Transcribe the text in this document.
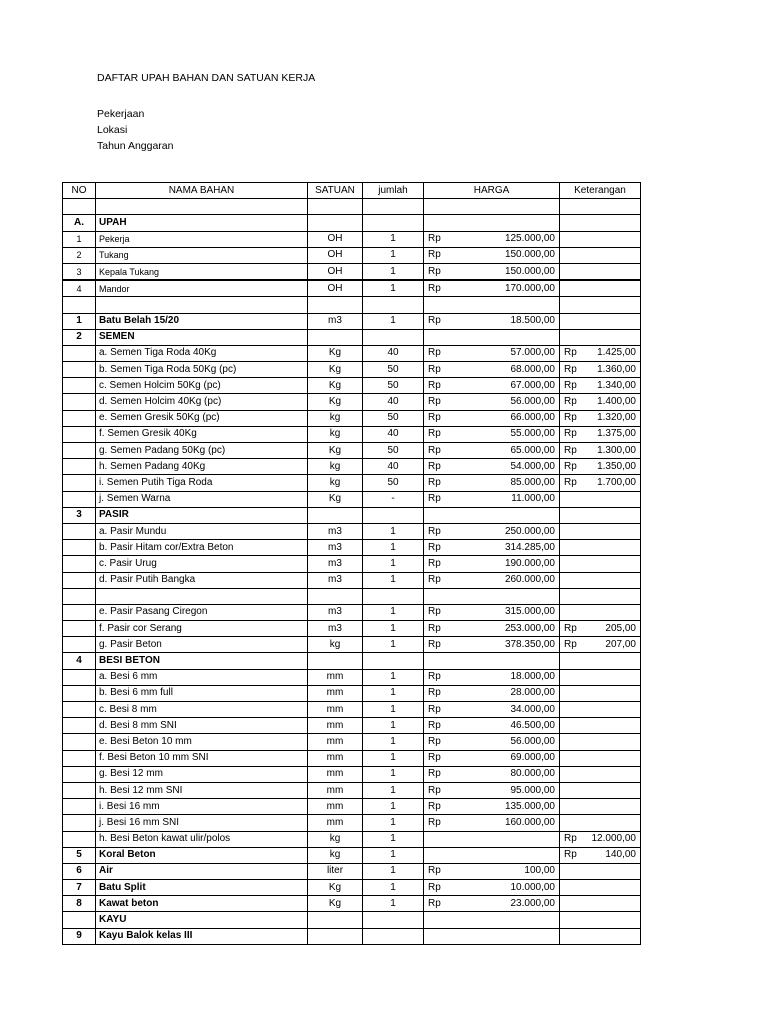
DAFTAR UPAH BAHAN DAN SATUAN KERJA
Pekerjaan
Lokasi
Tahun Anggaran
NO	NAMA BAHAN	SATUAN	jumlah	HARGA	Keterangan

A.	UPAH				
1	Pekerja	OH	1	Rp 125.000,00	

2	Tukang	OH	1	Rp 150.000,00	

3	Kepala Tukang	OH	1	Rp 150.000,00	

4	Mandor	OH	1	Rp 170.000,00	

1	Batu Belah 15/20	m3	1	Rp 18.500,00	

2	SEMEN				
	a. Semen Tiga Roda 40Kg	Kg	40	Rp 57.000,00	Rp 1.425,00

	b. Semen Tiga Roda 50Kg (pc)	Kg	50	Rp 68.000,00	Rp 1.360,00

	c. Semen Holcim 50Kg (pc)	Kg	50	Rp 67.000,00	Rp 1.340,00

	d. Semen Holcim 40Kg (pc)	Kg	40	Rp 56.000,00	Rp 1.400,00

	e. Semen Gresik 50Kg (pc)	kg	50	Rp 66.000,00	Rp 1.320,00

	f. Semen Gresik 40Kg	kg	40	Rp 55.000,00	Rp 1.375,00

	g. Semen Padang 50Kg (pc)	Kg	50	Rp 65.000,00	Rp 1.300,00

	h. Semen Padang 40Kg	kg	40	Rp 54.000,00	Rp 1.350,00

	i. Semen Putih Tiga Roda	kg	50	Rp 85.000,00	Rp 1.700,00

	j. Semen Warna	Kg	-	Rp 11.000,00	

3	PASIR				
	a. Pasir Mundu	m3	1	Rp 250.000,00	

	b. Pasir Hitam cor/Extra Beton	m3	1	Rp 314.285,00	

	c. Pasir Urug	m3	1	Rp 190.000,00	

	d. Pasir Putih Bangka	m3	1	Rp 260.000,00	

	e. Pasir Pasang Ciregon	m3	1	Rp 315.000,00	

	f. Pasir cor Serang	m3	1	Rp 253.000,00	Rp 205,00

	g. Pasir Beton	kg	1	Rp 378.350,00	Rp 207,00

4	BESI BETON				
	a. Besi 6 mm	mm	1	Rp 18.000,00	

	b. Besi 6 mm full	mm	1	Rp 28.000,00	

	c. Besi 8 mm	mm	1	Rp 34.000,00	

	d. Besi 8 mm SNI	mm	1	Rp 46.500,00	

	e. Besi Beton 10 mm	mm	1	Rp 56.000,00	

	f. Besi Beton 10 mm SNI	mm	1	Rp 69.000,00	

	g. Besi 12 mm	mm	1	Rp 80.000,00	

	h. Besi 12 mm SNI	mm	1	Rp 95.000,00	

	i. Besi 16 mm	mm	1	Rp 135.000,00	

	j. Besi 16 mm SNI	mm	1	Rp 160.000,00	

	h. Besi Beton kawat ulir/polos	kg	1		Rp 12.000,00

5	Koral Beton	kg	1		Rp 140,00

6	Air	liter	1	Rp 100,00	

7	Batu Split	Kg	1	Rp 10.000,00	

8	Kawat beton	Kg	1	Rp 23.000,00	

	KAYU				
9	Kayu Balok kelas III				
